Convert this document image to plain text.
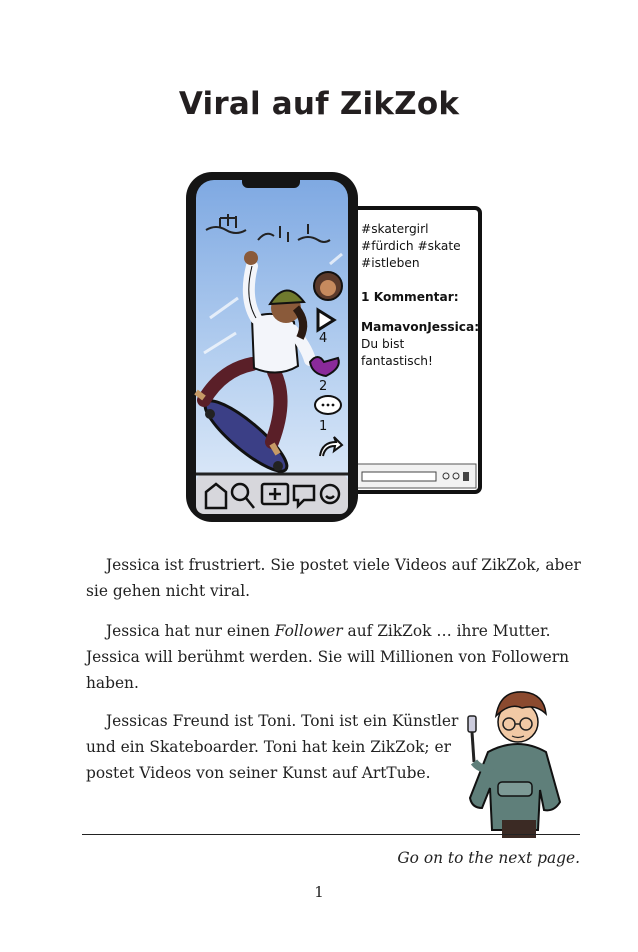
Viral auf ZikZok
#skatergirl
#fürdich #skate
#istleben
1 Kommentar:
MamavonJessica:
Du bist
fantastisch!
4
2
1
Jessica ist frustriert. Sie postet viele Videos auf ZikZok, aber sie gehen nicht viral.
Jessica hat nur einen Follower auf ZikZok … ihre Mutter. Jessica will berühmt werden. Sie will Millionen von Followern haben.
Jessicas Freund ist Toni. Toni ist ein Künstler und ein Skateboarder. Toni hat kein ZikZok; er postet Videos von seiner Kunst auf ArtTube.
Go on to the next page.
1
